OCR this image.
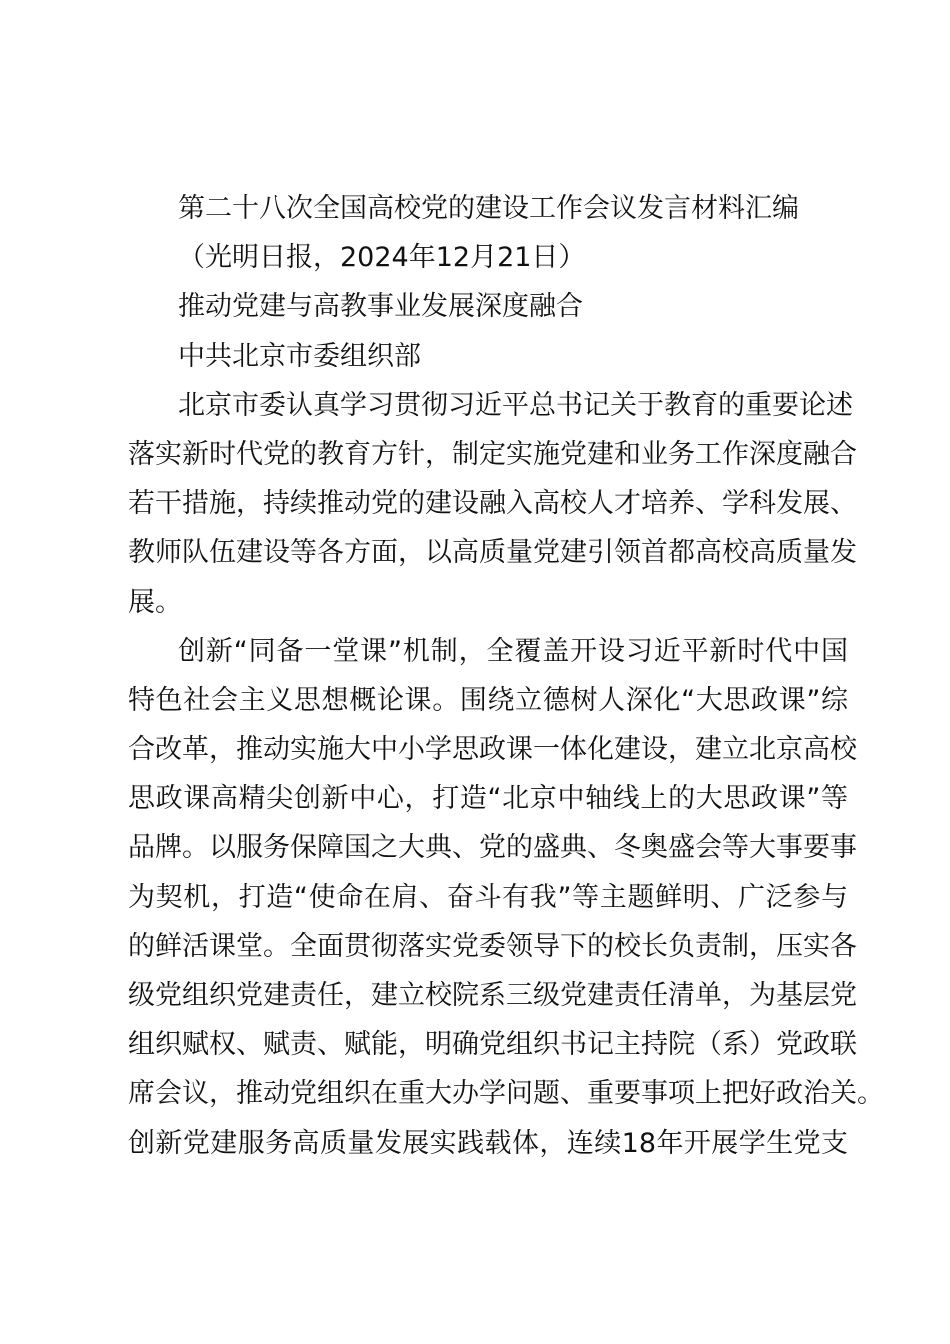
第二十八次全国高校党的建设工作会议发言材料汇编
（光明日报，2024年12月21日）
推动党建与高教事业发展深度融合
中共北京市委组织部
北京市委认真学习贯彻习近平总书记关于教育的重要论述
落实新时代党的教育方针，制定实施党建和业务工作深度融合
若干措施，持续推动党的建设融入高校人才培养、学科发展、
教师队伍建设等各方面，以高质量党建引领首都高校高质量发
展。
创新“同备一堂课”机制，全覆盖开设习近平新时代中国
特色社会主义思想概论课。围绕立德树人深化“大思政课”综
合改革，推动实施大中小学思政课一体化建设，建立北京高校
思政课高精尖创新中心，打造“北京中轴线上的大思政课”等
品牌。以服务保障国之大典、党的盛典、冬奥盛会等大事要事
为契机，打造“使命在肩、奋斗有我”等主题鲜明、广泛参与
的鲜活课堂。全面贯彻落实党委领导下的校长负责制，压实各
级党组织党建责任，建立校院系三级党建责任清单，为基层党
组织赋权、赋责、赋能，明确党组织书记主持院（系）党政联
席会议，推动党组织在重大办学问题、重要事项上把好政治关。
创新党建服务高质量发展实践载体，连续18年开展学生党支
